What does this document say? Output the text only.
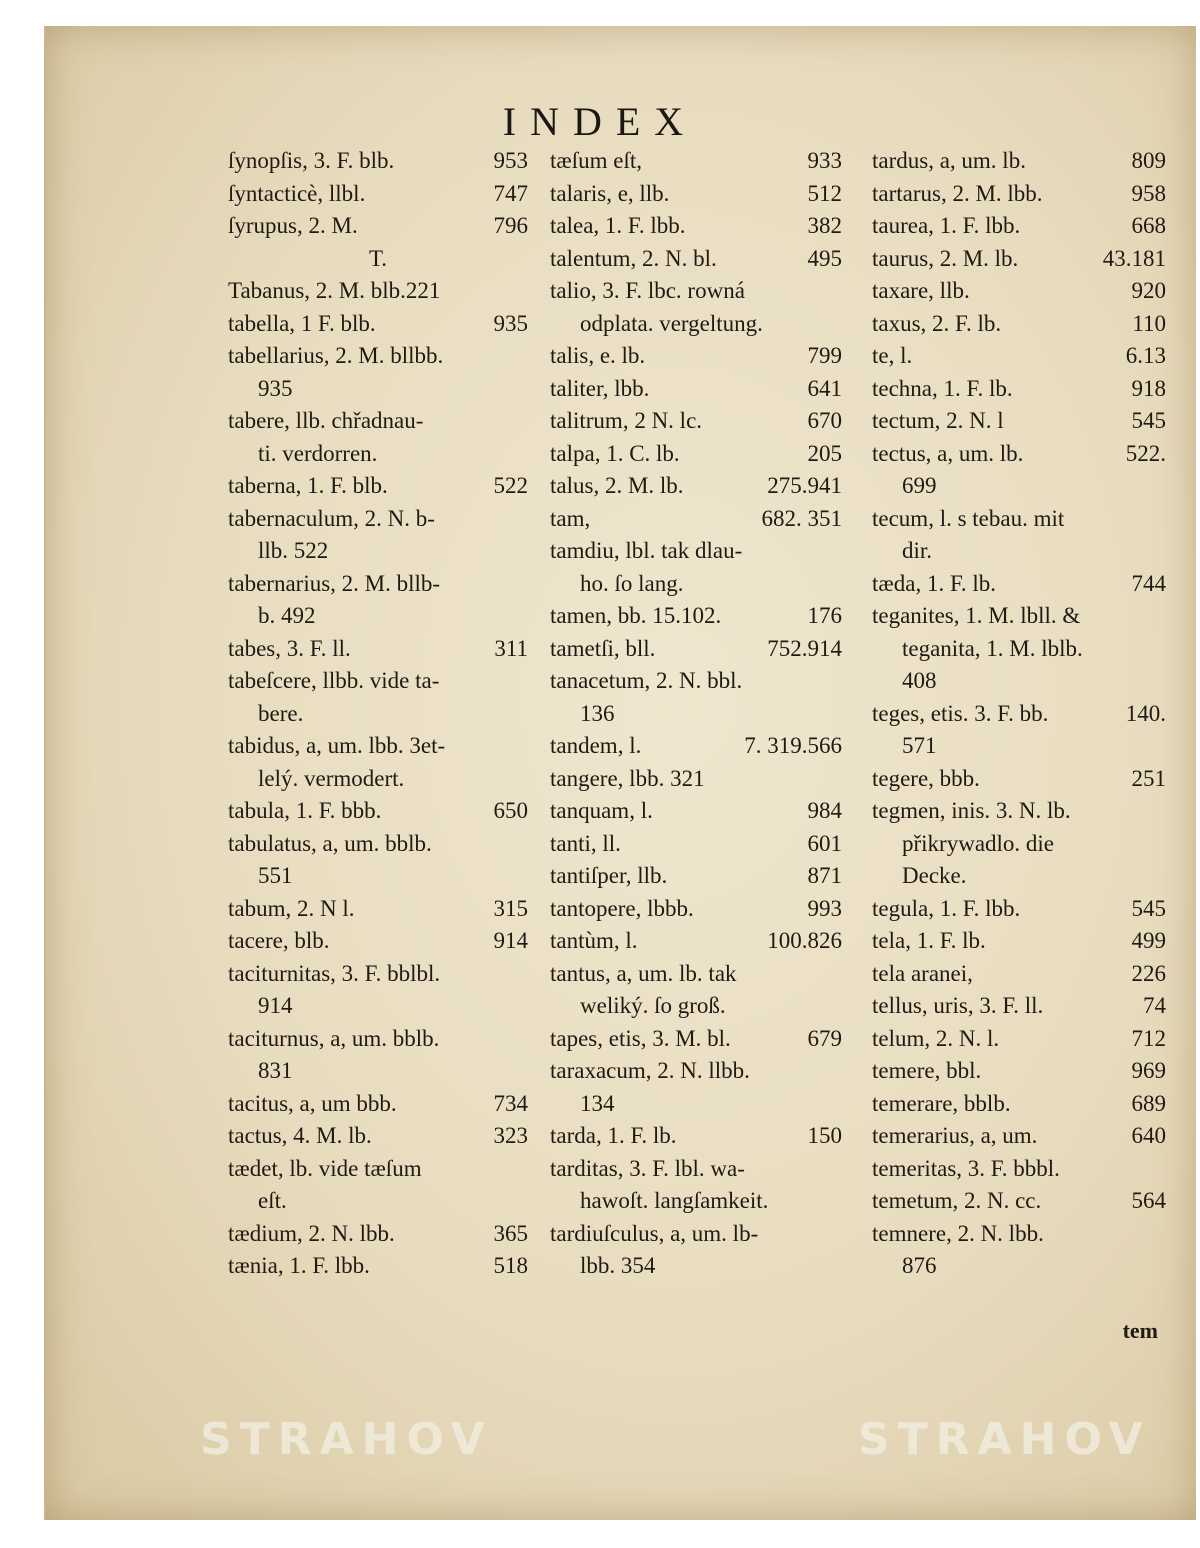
INDEX
ſynopſis, 3. F. blb.	953
ſyntacticè, llbl.	747
ſyrupus, 2. M.	796
T.
Tabanus, 2. M. blb.221
tabella, 1 F. blb.	935
tabellarius, 2. M. bllbb.
935
tabere, llb. chřadnau-
ti. verdorren.
taberna, 1. F. blb.	522
tabernaculum, 2. N. b-
llb. 522
tabernarius, 2. M. bllb-
b. 492
tabes, 3. F. ll.	311
tabeſcere, llbb. vide ta-
bere.
tabidus, a, um. lbb. 3et-
lelý. vermodert.
tabula, 1. F. bbb.	650
tabulatus, a, um. bblb.
551
tabum, 2. N l.	315
tacere, blb.	914
taciturnitas, 3. F. bblbl.
914
taciturnus, a, um. bblb.
831
tacitus, a, um bbb.	734
tactus, 4. M. lb.	323
tædet, lb. vide tæſum
eſt.
tædium, 2. N. lbb.	365
tænia, 1. F. lbb.	518
tæſum eſt,	933
talaris, e, llb.	512
talea, 1. F. lbb.	382
talentum, 2. N. bl.	495
talio, 3. F. lbc. rowná
odplata. vergeltung.
talis, e. lb.	799
taliter, lbb.	641
talitrum, 2 N. lc.	670
talpa, 1. C. lb.	205
talus, 2. M. lb.	275.941
tam,	682. 351
tamdiu, lbl. tak dlau-
ho. ſo lang.
tamen, bb. 15.102.	176
tametſi, bll.	752.914
tanacetum, 2. N. bbl.
136
tandem, l.	7. 319.566
tangere, lbb. 321
tanquam, l.	984
tanti, ll.	601
tantiſper, llb.	871
tantopere, lbbb.	993
tantùm, l.	100.826
tantus, a, um. lb. tak
weliký. ſo groß.
tapes, etis, 3. M. bl.	679
taraxacum, 2. N. llbb.
134
tarda, 1. F. lb.	150
tarditas, 3. F. lbl. wa-
hawoſt. langſamkeit.
tardiuſculus, a, um. lb-
lbb. 354
tardus, a, um. lb.	809
tartarus, 2. M. lbb.	958
taurea, 1. F. lbb.	668
taurus, 2. M. lb.	43.181
taxare, llb.	920
taxus, 2. F. lb.	110
te, l.	6.13
techna, 1. F. lb.	918
tectum, 2. N. l	545
tectus, a, um. lb.	522.
699
tecum, l. s tebau. mit
dir.
tæda, 1. F. lb.	744
teganites, 1. M. lbll. &
teganita, 1. M. lblb.
408
teges, etis. 3. F. bb.	140.
571
tegere, bbb.	251
tegmen, inis. 3. N. lb.
přikrywadlo. die
Decke.
tegula, 1. F. lbb.	545
tela, 1. F. lb.	499
tela aranei,	226
tellus, uris, 3. F. ll.	74
telum, 2. N. l.	712
temere, bbl.	969
temerare, bblb.	689
temerarius, a, um.	640
temeritas, 3. F. bbbl.
temetum, 2. N. cc.	564
temnere, 2. N. lbb.
876
tem
STRAHOV	STRAHOV
